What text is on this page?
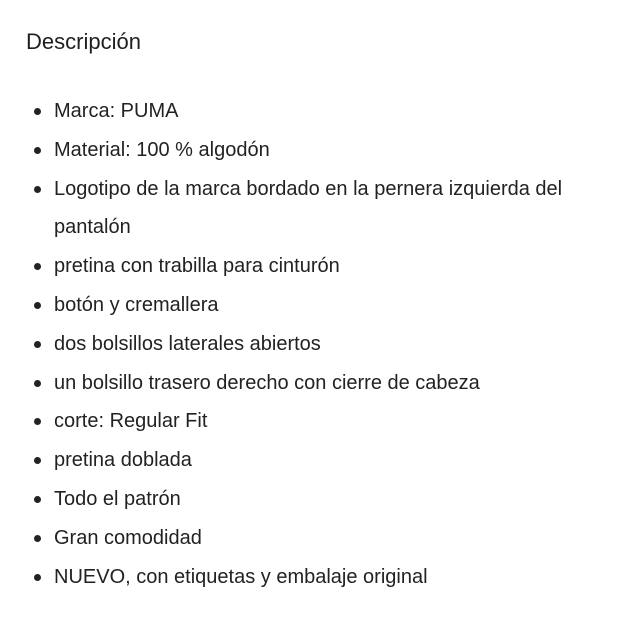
Descripción
Marca: PUMA
Material: 100 % algodón
Logotipo de la marca bordado en la pernera izquierda del pantalón
pretina con trabilla para cinturón
botón y cremallera
dos bolsillos laterales abiertos
un bolsillo trasero derecho con cierre de cabeza
corte: Regular Fit
pretina doblada
Todo el patrón
Gran comodidad
NUEVO, con etiquetas y embalaje original
